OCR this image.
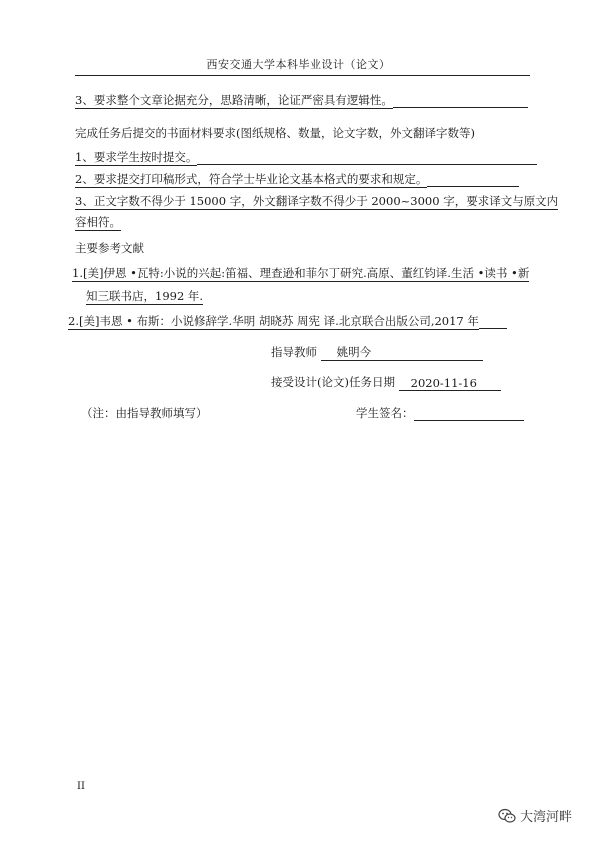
西安交通大学本科毕业设计（论文）
3、要求整个文章论据充分，思路清晰，论证严密具有逻辑性。
完成任务后提交的书面材料要求(图纸规格、数量，论文字数，外文翻译字数等)
1、要求学生按时提交。
2、要求提交打印稿形式，符合学士毕业论文基本格式的要求和规定。
3、正文字数不得少于 15000 字，外文翻译字数不得少于 2000~3000 字，要求译文与原文内
容相符。
主要参考文献
1.[美]伊恩 •瓦特:小说的兴起:笛福、理查逊和菲尔丁研究.高原、董红钧译.生活 •读书 •新
知三联书店，1992 年.
2.[美]韦恩 • 布斯：小说修辞学.华明 胡晓苏 周宪 译.北京联合出版公司,2017 年
指导教师 姚明今
接受设计(论文)任务日期 2020-11-16
（注：由指导教师填写）	学生签名：
II
大湾河畔
